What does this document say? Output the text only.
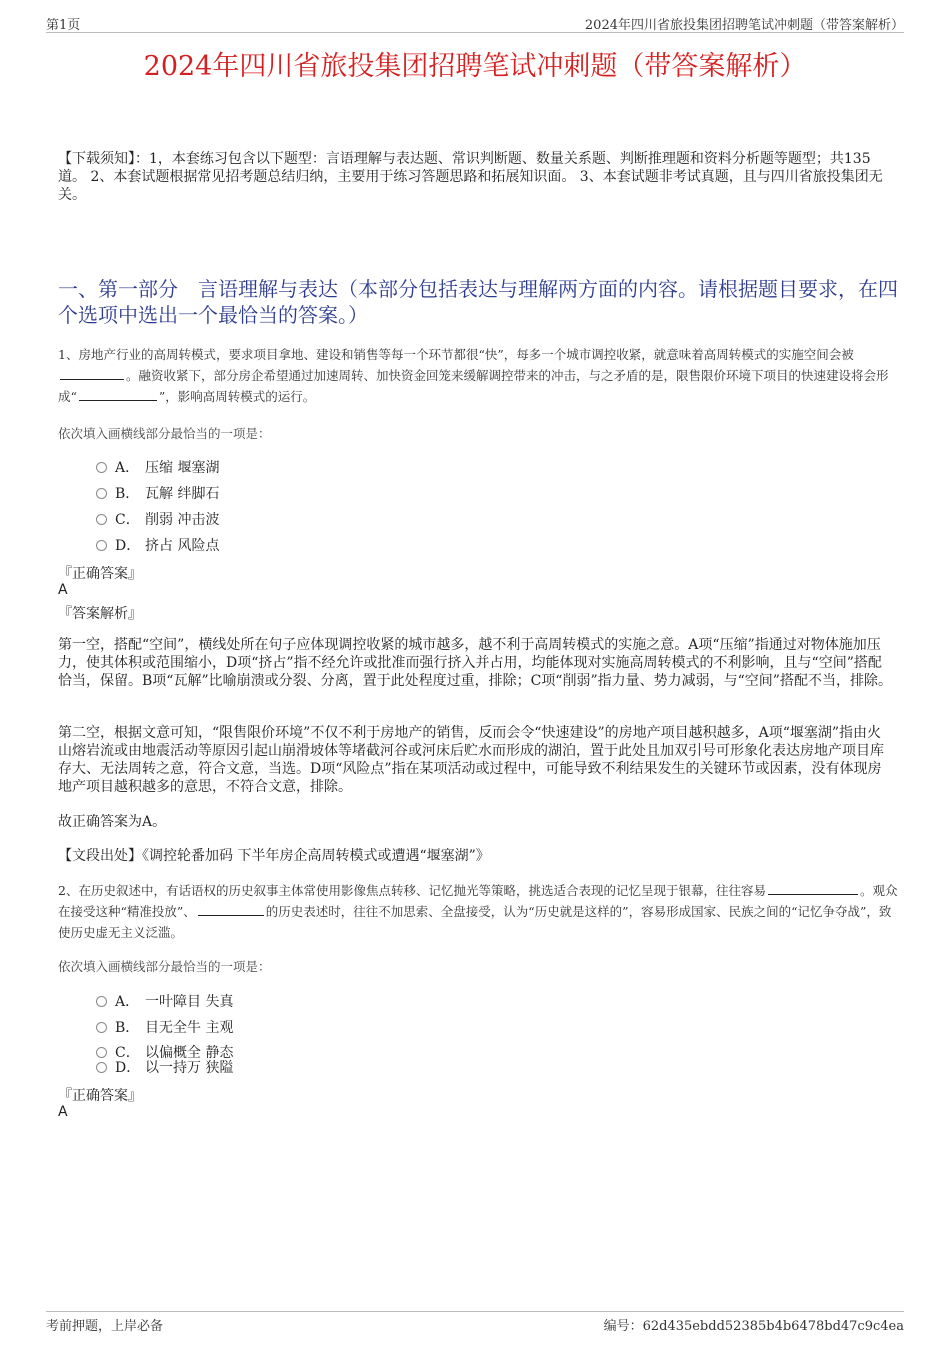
第1页	2024年四川省旅投集团招聘笔试冲刺题（带答案解析）
2024年四川省旅投集团招聘笔试冲刺题（带答案解析）
【下载须知】：1，本套练习包含以下题型：言语理解与表达题、常识判断题、数量关系题、判断推理题和资料分析题等题型；共135道。 2、本套试题根据常见招考题总结归纳，主要用于练习答题思路和拓展知识面。 3、本套试题非考试真题，且与四川省旅投集团无关。
一、第一部分　言语理解与表达（本部分包括表达与理解两方面的内容。请根据题目要求，在四个选项中选出一个最恰当的答案。）
1、房地产行业的高周转模式，要求项目拿地、建设和销售等每一个环节都很“快”，每多一个城市调控收紧，就意味着高周转模式的实施空间会被。融资收紧下，部分房企希望通过加速周转、加快资金回笼来缓解调控带来的冲击，与之矛盾的是，限售限价环境下项目的快速建设将会形成“	”，影响高周转模式的运行。
依次填入画横线部分最恰当的一项是：
A． 压缩 堰塞湖
B． 瓦解 绊脚石
C． 削弱 冲击波
D． 挤占 风险点
『正确答案』
A
『答案解析』
第一空，搭配“空间”，横线处所在句子应体现调控收紧的城市越多，越不利于高周转模式的实施之意。A项“压缩”指通过对物体施加压力，使其体积或范围缩小，D项“挤占”指不经允许或批准而强行挤入并占用，均能体现对实施高周转模式的不利影响，且与“空间”搭配恰当，保留。B项“瓦解”比喻崩溃或分裂、分离，置于此处程度过重，排除；C项“削弱”指力量、势力减弱，与“空间”搭配不当，排除。
第二空，根据文意可知，“限售限价环境”不仅不利于房地产的销售，反而会令“快速建设”的房地产项目越积越多，A项“堰塞湖”指由火山熔岩流或由地震活动等原因引起山崩滑坡体等堵截河谷或河床后贮水而形成的湖泊，置于此处且加双引号可形象化表达房地产项目库存大、无法周转之意，符合文意，当选。D项“风险点”指在某项活动或过程中，可能导致不利结果发生的关键环节或因素，没有体现房地产项目越积越多的意思，不符合文意，排除。
故正确答案为A。
【文段出处】《调控轮番加码 下半年房企高周转模式或遭遇“堰塞湖”》
2、在历史叙述中，有话语权的历史叙事主体常使用影像焦点转移、记忆抛光等策略，挑选适合表现的记忆呈现于银幕，往往容易	。观众在接受这种“精准投放”、	的历史表述时，往往不加思索、全盘接受，认为“历史就是这样的”，容易形成国家、民族之间的“记忆争夺战”，致使历史虚无主义泛滥。
依次填入画横线部分最恰当的一项是：
A． 一叶障目 失真
B． 目无全牛 主观
C． 以偏概全 静态
D． 以一持万 狭隘
『正确答案』
A
考前押题，上岸必备	编号：62d435ebdd52385b4b6478bd47c9c4ea
